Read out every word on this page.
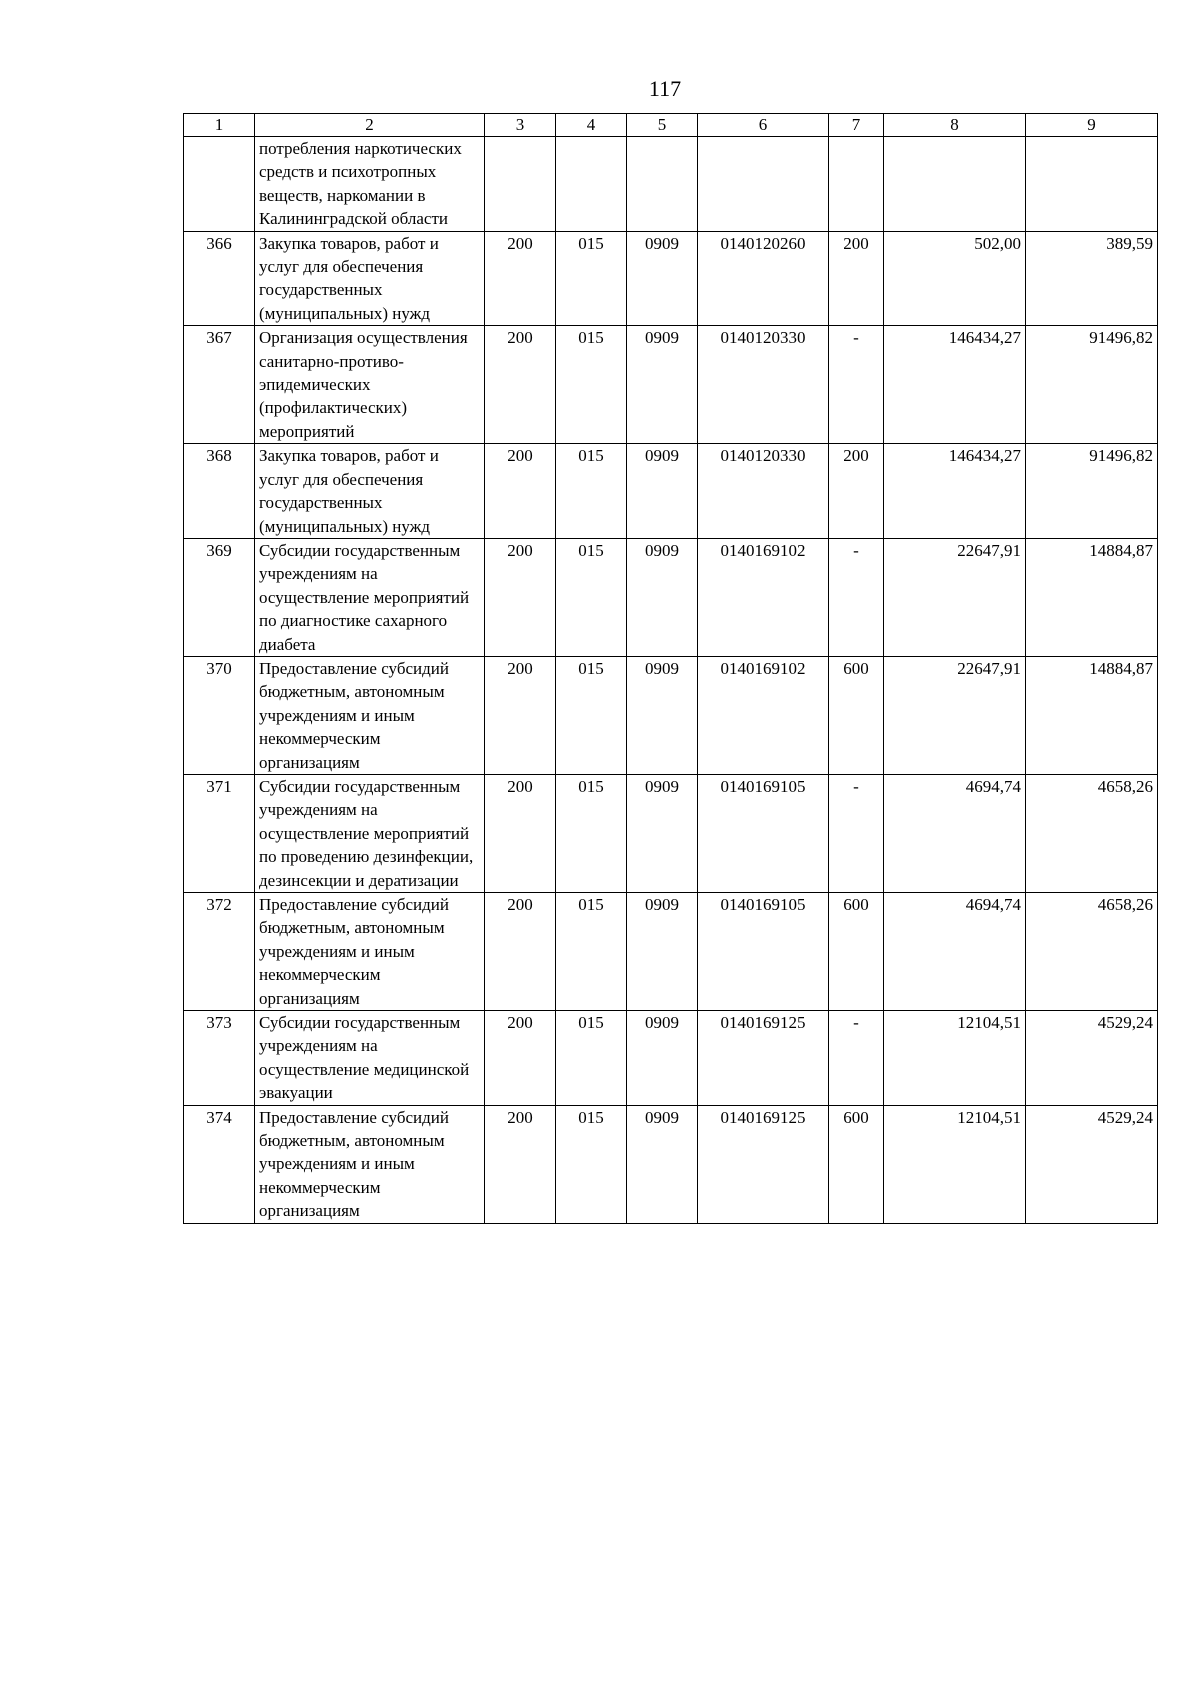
117
1	2	3	4	5	6	7	8	9
	потребления наркотических средств и психотропных веществ, наркомании в Калининградской области							
366	Закупка товаров, работ и услуг для обеспечения государственных (муниципальных) нужд	200	015	0909	0140120260	200	502,00	389,59
367	Организация осуществления санитарно-противо-эпидемических (профилактических) мероприятий	200	015	0909	0140120330	-	146434,27	91496,82
368	Закупка товаров, работ и услуг для обеспечения государственных (муниципальных) нужд	200	015	0909	0140120330	200	146434,27	91496,82
369	Субсидии государственным учреждениям на осуществление мероприятий по диагностике сахарного диабета	200	015	0909	0140169102	-	22647,91	14884,87
370	Предоставление субсидий бюджетным, автономным учреждениям и иным некоммерческим организациям	200	015	0909	0140169102	600	22647,91	14884,87
371	Субсидии государственным учреждениям на осуществление мероприятий по проведению дезинфекции, дезинсекции и дератизации	200	015	0909	0140169105	-	4694,74	4658,26
372	Предоставление субсидий бюджетным, автономным учреждениям и иным некоммерческим организациям	200	015	0909	0140169105	600	4694,74	4658,26
373	Субсидии государственным учреждениям на осуществление медицинской эвакуации	200	015	0909	0140169125	-	12104,51	4529,24
374	Предоставление субсидий бюджетным, автономным учреждениям и иным некоммерческим организациям	200	015	0909	0140169125	600	12104,51	4529,24
